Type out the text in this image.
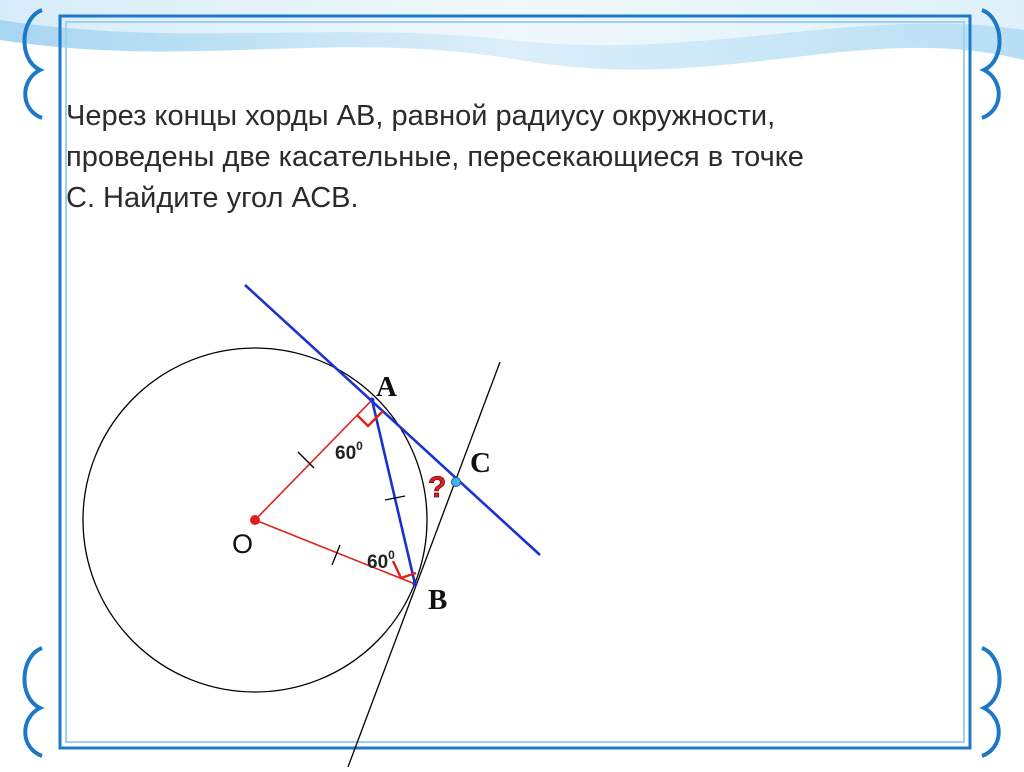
A
B
C
О
$60^0$
$60^0$
?

Через концы хорды АВ, равной радиусу окружности,
проведены две касательные, пересекающиеся в точке
С. Найдите угол АСВ.
